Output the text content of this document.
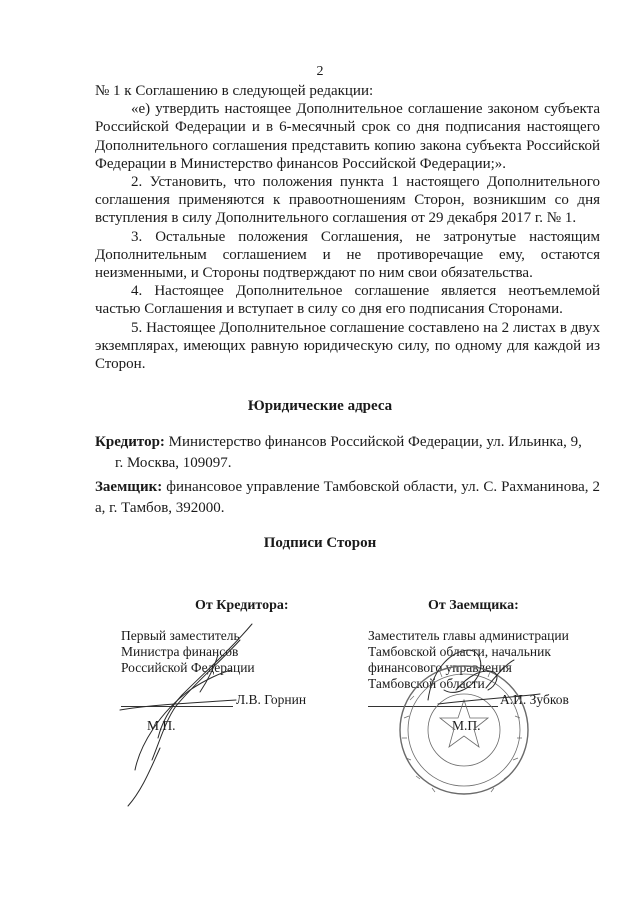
2

№ 1 к Соглашению в следующей редакции:

«е) утвердить настоящее Дополнительное соглашение законом субъекта Российской Федерации и в 6-месячный срок со дня подписания настоящего Дополнительного соглашения представить копию закона субъекта Российской Федерации в Министерство финансов Российской Федерации;».

2. Установить, что положения пункта 1 настоящего Дополнительного соглашения применяются к правоотношениям Сторон, возникшим со дня вступления в силу Дополнительного соглашения от 29 декабря 2017 г. № 1.

3. Остальные положения Соглашения, не затронутые настоящим Дополнительным соглашением и не противоречащие ему, остаются неизменными, и Стороны подтверждают по ним свои обязательства.

4. Настоящее Дополнительное соглашение является неотъемлемой частью Соглашения и вступает в силу со дня его подписания Сторонами.

5. Настоящее Дополнительное соглашение составлено на 2 листах в двух экземплярах, имеющих равную юридическую силу, по одному для каждой из Сторон.

Юридические адреса
Кредитор: Министерство финансов Российской Федерации, ул. Ильинка, 9,
г. Москва, 109097.
Заемщик: финансовое управление Тамбовской области, ул. С. Рахманинова, 2 а, г. Тамбов, 392000.
Подписи Сторон
От Кредитора:
Первый заместитель
Министра финансов
Российской Федерации
Л.В. Горнин
М.П.
От Заемщика:
Заместитель главы администрации
Тамбовской области, начальник
финансового управления
Тамбовской области
А.И. Зубков
М.П.
